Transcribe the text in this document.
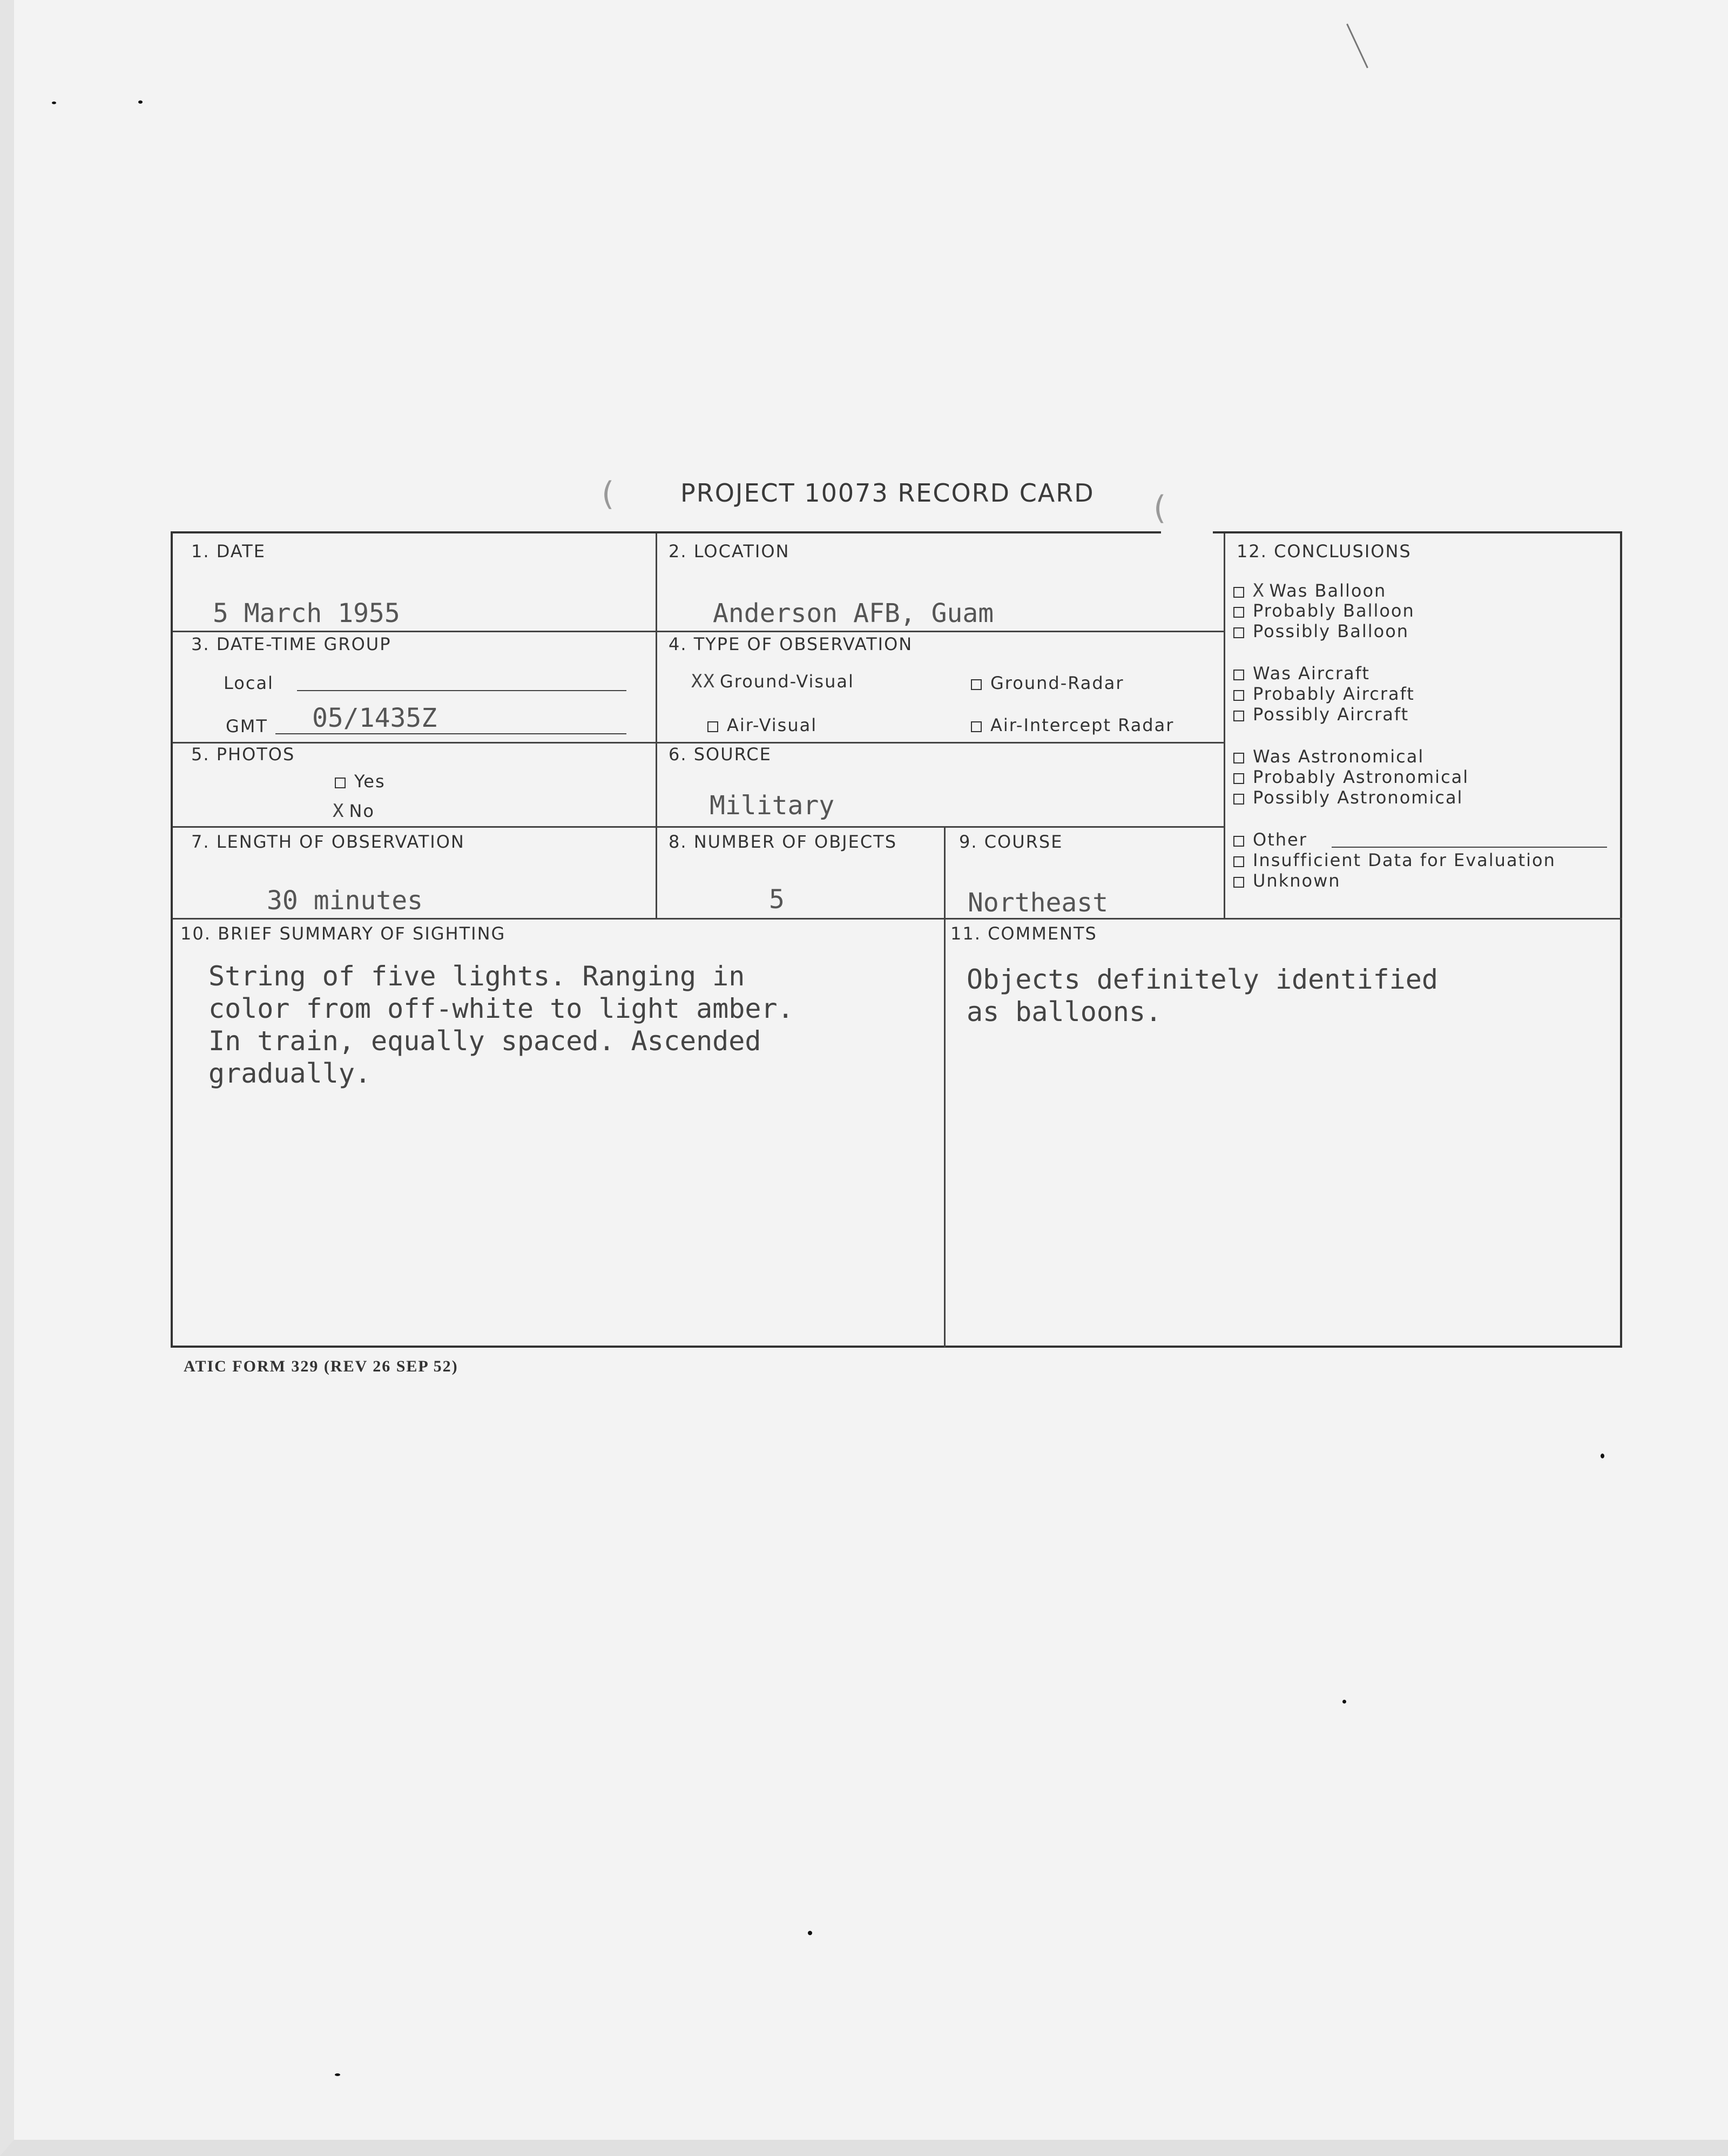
(	PROJECT 10073 RECORD CARD (
1. DATE
5 March 1955
2. LOCATION
Anderson AFB, Guam
3. DATE-TIME GROUP
Local
GMT 05/1435Z
4. TYPE OF OBSERVATION
XX Ground-Visual	Ground-Radar
Air-Visual	Air-Intercept Radar
5. PHOTOS
Yes
X No
6. SOURCE
Military
7. LENGTH OF OBSERVATION
30 minutes
8. NUMBER OF OBJECTS
5
9. COURSE
Northeast
12. CONCLUSIONS
X Was Balloon
Probably Balloon
Possibly Balloon
Was Aircraft
Probably Aircraft
Possibly Aircraft
Was Astronomical
Probably Astronomical
Possibly Astronomical
Other
Insufficient Data for Evaluation
Unknown
10. BRIEF SUMMARY OF SIGHTING
String of five lights. Ranging in
color from off-white to light amber.
In train, equally spaced. Ascended
gradually.
11. COMMENTS
Objects definitely identified
as balloons.
ATIC FORM 329 (REV 26 SEP 52)
